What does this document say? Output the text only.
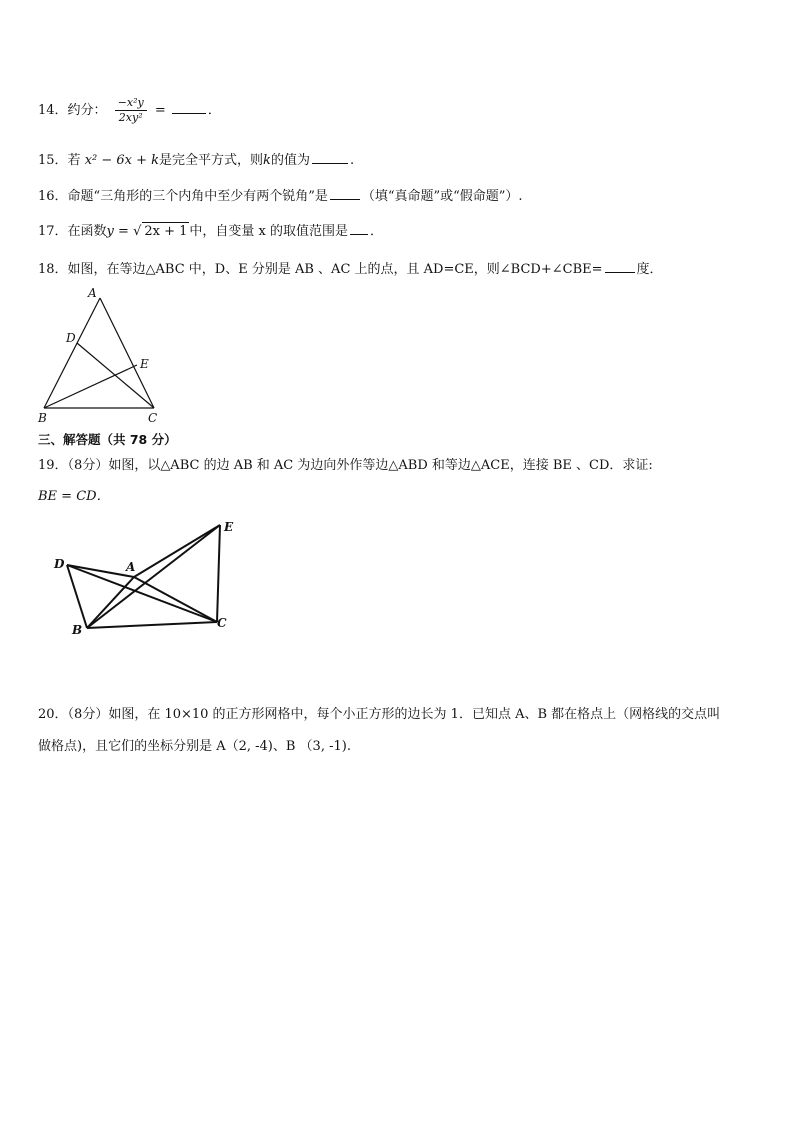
14．约分： $\frac{\text{−x²y}}{\text{2xy²}}$ =	．
15．若 x² − 6x + k是完全平方式，则k的值为	.
16．命题“三角形的三个内角中至少有两个锐角”是	（填“真命题”或“假命题”）.
17．在函数y = √ 2x + 1 中，自变量 x 的取值范围是 ．
18．如图，在等边△ABC 中，D、E 分别是 AB 、AC 上的点，且 AD=CE，则∠BCD+∠CBE=	度．
A
D
E
B	C
三、解答题（共 78 分）
19．（8分）如图，以△ABC 的边 AB 和 AC 为边向外作等边△ABD 和等边△ACE，连接 BE 、CD．求证:
BE = CD．
E
D	A
B	C
20．（8分）如图，在 10×10 的正方形网格中，每个小正方形的边长为 1．已知点 A、B 都在格点上（网格线的交点叫
做格点)，且它们的坐标分别是 A（2, -4)、B （3, -1).
